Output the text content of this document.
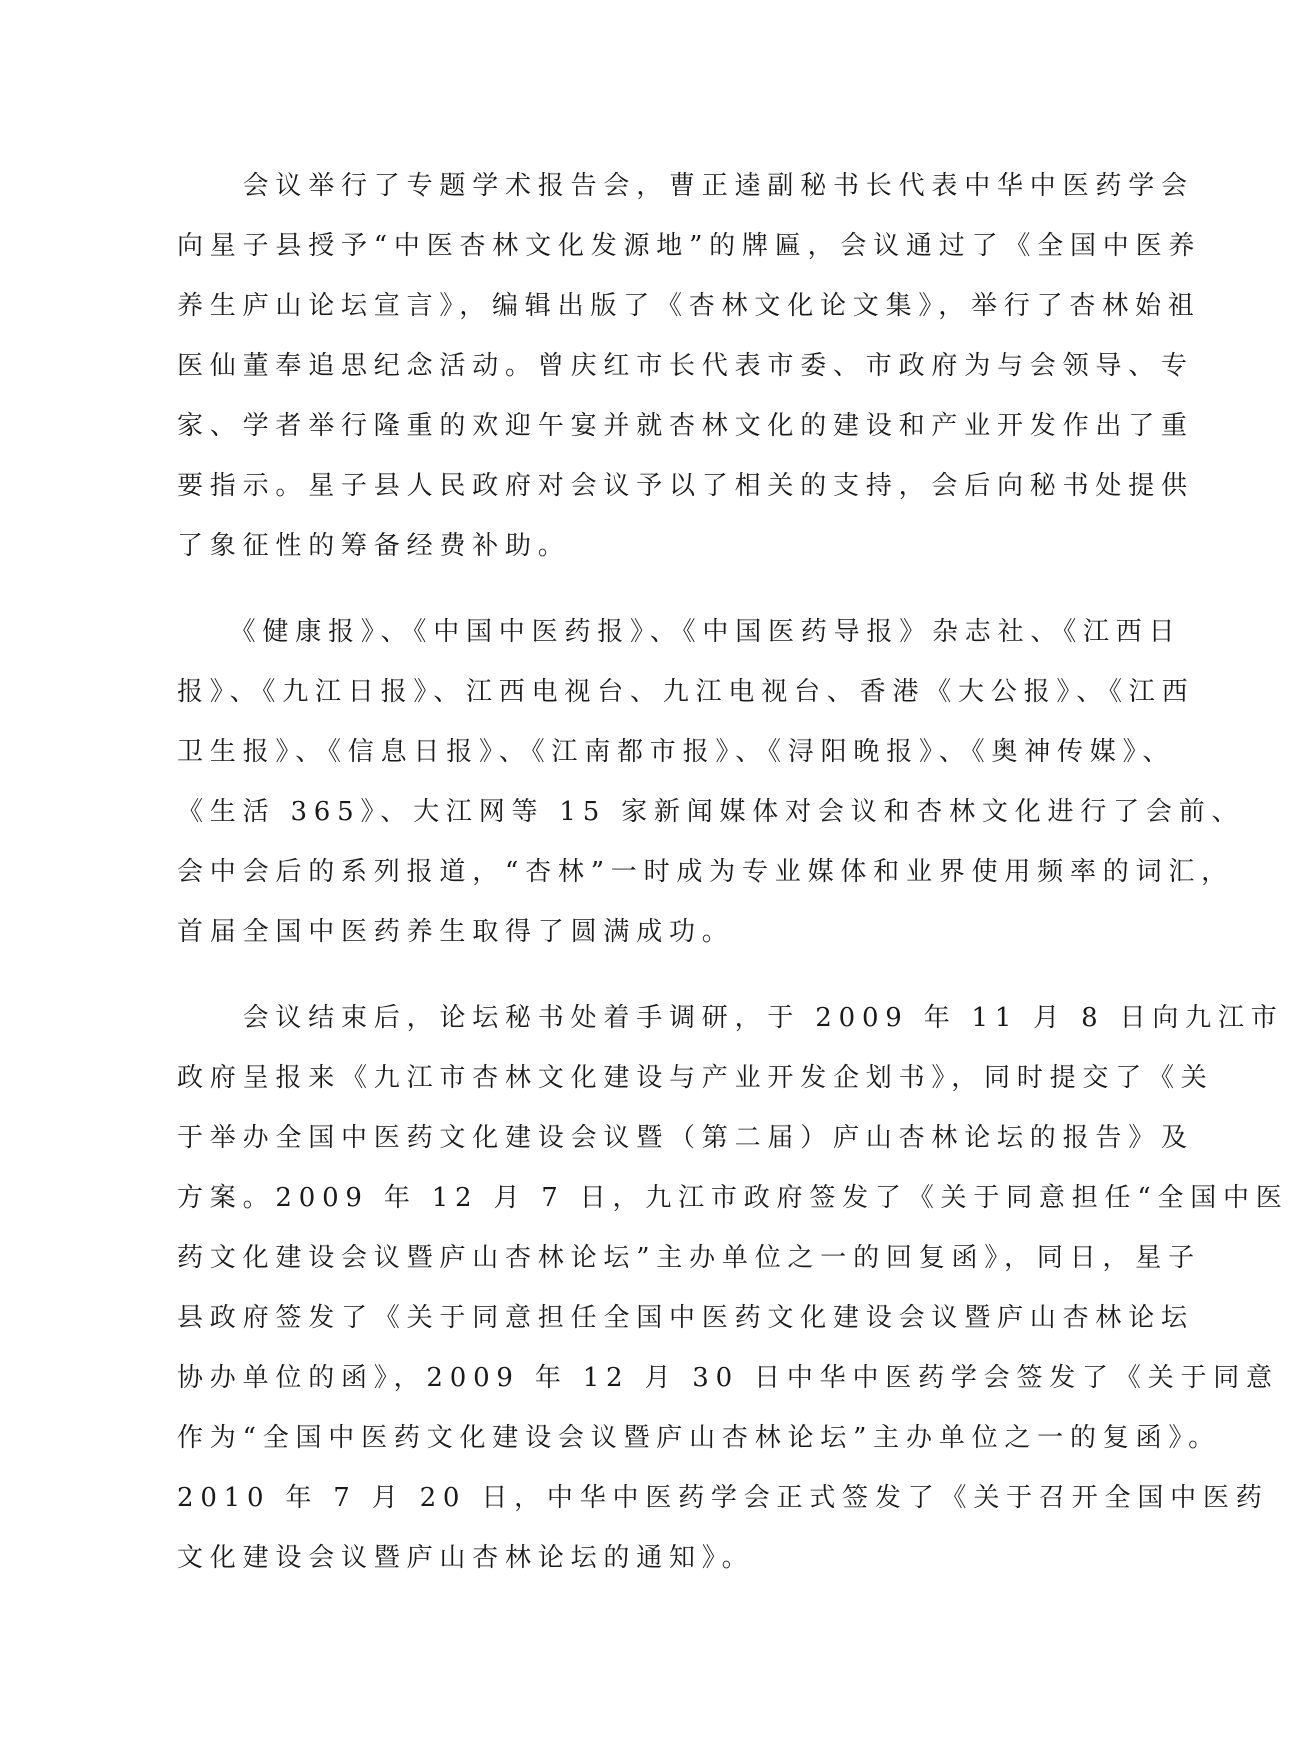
　　会议举行了专题学术报告会，曹正逵副秘书长代表中华中医药学会
向星子县授予“中医杏林文化发源地”的牌匾，会议通过了《全国中医养
养生庐山论坛宣言》，编辑出版了《杏林文化论文集》，举行了杏林始祖
医仙董奉追思纪念活动。曾庆红市长代表市委、市政府为与会领导、专
家、学者举行隆重的欢迎午宴并就杏林文化的建设和产业开发作出了重
要指示。星子县人民政府对会议予以了相关的支持，会后向秘书处提供
了象征性的筹备经费补助。
　　《健康报》、《中国中医药报》、《中国医药导报》杂志社、《江西日
报》、《九江日报》、江西电视台、九江电视台、香港《大公报》、《江西
卫生报》、《信息日报》、《江南都市报》、《浔阳晚报》、《奥神传媒》、
《生活 365》、大江网等 15 家新闻媒体对会议和杏林文化进行了会前、
会中会后的系列报道，“杏林”一时成为专业媒体和业界使用频率的词汇，
首届全国中医药养生取得了圆满成功。
　　会议结束后，论坛秘书处着手调研，于 2009 年 11 月 8 日向九江市
政府呈报来《九江市杏林文化建设与产业开发企划书》，同时提交了《关
于举办全国中医药文化建设会议暨（第二届）庐山杏林论坛的报告》及
方案。2009 年 12 月 7 日，九江市政府签发了《关于同意担任“全国中医
药文化建设会议暨庐山杏林论坛”主办单位之一的回复函》，同日，星子
县政府签发了《关于同意担任全国中医药文化建设会议暨庐山杏林论坛
协办单位的函》，2009 年 12 月 30 日中华中医药学会签发了《关于同意
作为“全国中医药文化建设会议暨庐山杏林论坛”主办单位之一的复函》。
2010 年 7 月 20 日，中华中医药学会正式签发了《关于召开全国中医药
文化建设会议暨庐山杏林论坛的通知》。
